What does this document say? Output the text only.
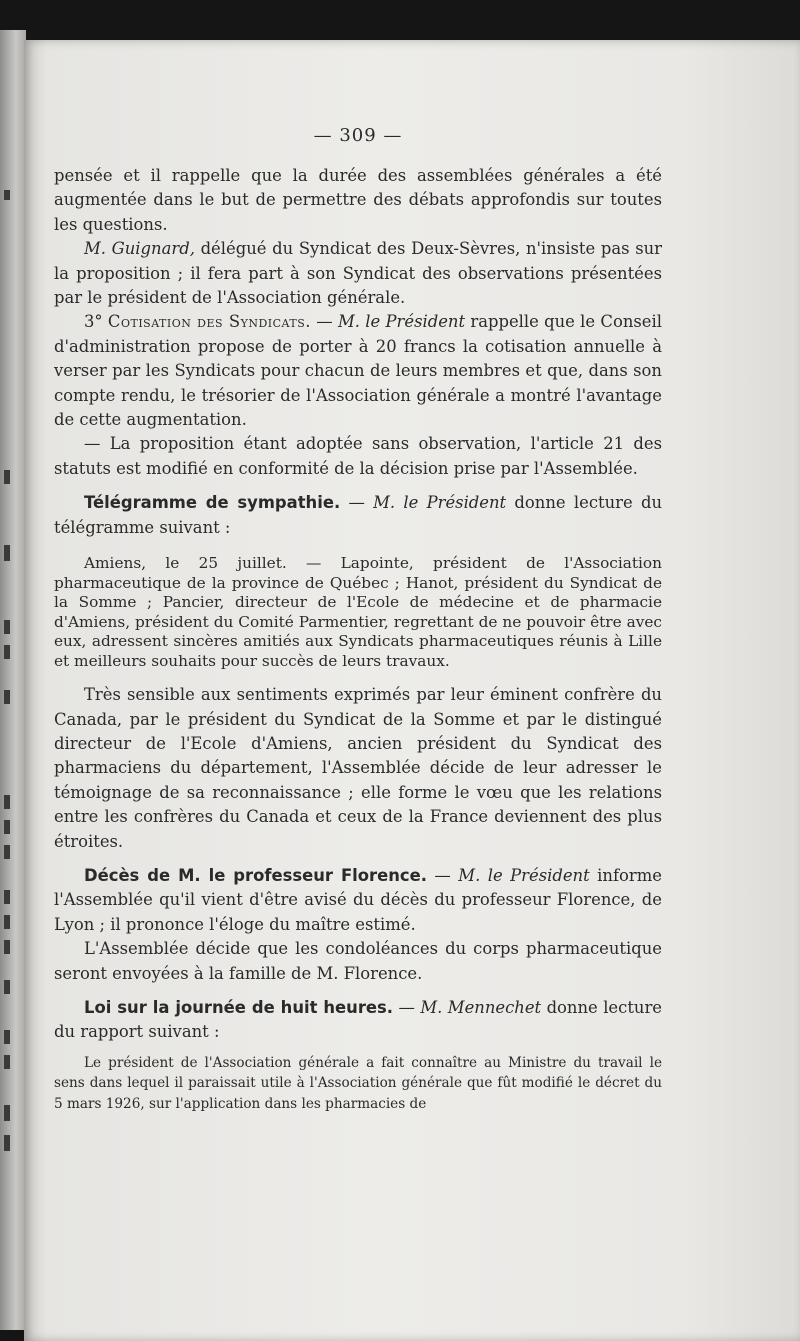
— 309 —

pensée et il rappelle que la durée des assemblées générales a été augmentée dans le but de permettre des débats approfondis sur toutes les questions.

M. Guignard, délégué du Syndicat des Deux-Sèvres, n'insiste pas sur la proposition ; il fera part à son Syndicat des observations présentées par le président de l'Association générale.

3° Cotisation des Syndicats. — M. le Président rappelle que le Conseil d'administration propose de porter à 20 francs la cotisation annuelle à verser par les Syndicats pour chacun de leurs membres et que, dans son compte rendu, le trésorier de l'Association générale a montré l'avantage de cette augmentation.

— La proposition étant adoptée sans observation, l'article 21 des statuts est modifié en conformité de la décision prise par l'Assemblée.

Télégramme de sympathie. — M. le Président donne lecture du télégramme suivant :

Amiens, le 25 juillet. — Lapointe, président de l'Association pharmaceutique de la province de Québec ; Hanot, président du Syndicat de la Somme ; Pancier, directeur de l'Ecole de médecine et de pharmacie d'Amiens, président du Comité Parmentier, regrettant de ne pouvoir être avec eux, adressent sincères amitiés aux Syndicats pharmaceutiques réunis à Lille et meilleurs souhaits pour succès de leurs travaux.

Très sensible aux sentiments exprimés par leur éminent confrère du Canada, par le président du Syndicat de la Somme et par le distingué directeur de l'Ecole d'Amiens, ancien président du Syndicat des pharmaciens du département, l'Assemblée décide de leur adresser le témoignage de sa reconnaissance ; elle forme le vœu que les relations entre les confrères du Canada et ceux de la France deviennent des plus étroites.

Décès de M. le professeur Florence. — M. le Président informe l'Assemblée qu'il vient d'être avisé du décès du professeur Florence, de Lyon ; il prononce l'éloge du maître estimé.

L'Assemblée décide que les condoléances du corps pharmaceutique seront envoyées à la famille de M. Florence.

Loi sur la journée de huit heures. — M. Mennechet donne lecture du rapport suivant :

Le président de l'Association générale a fait connaître au Ministre du travail le sens dans lequel il paraissait utile à l'Association générale que fût modifié le décret du 5 mars 1926, sur l'application dans les pharmacies de
